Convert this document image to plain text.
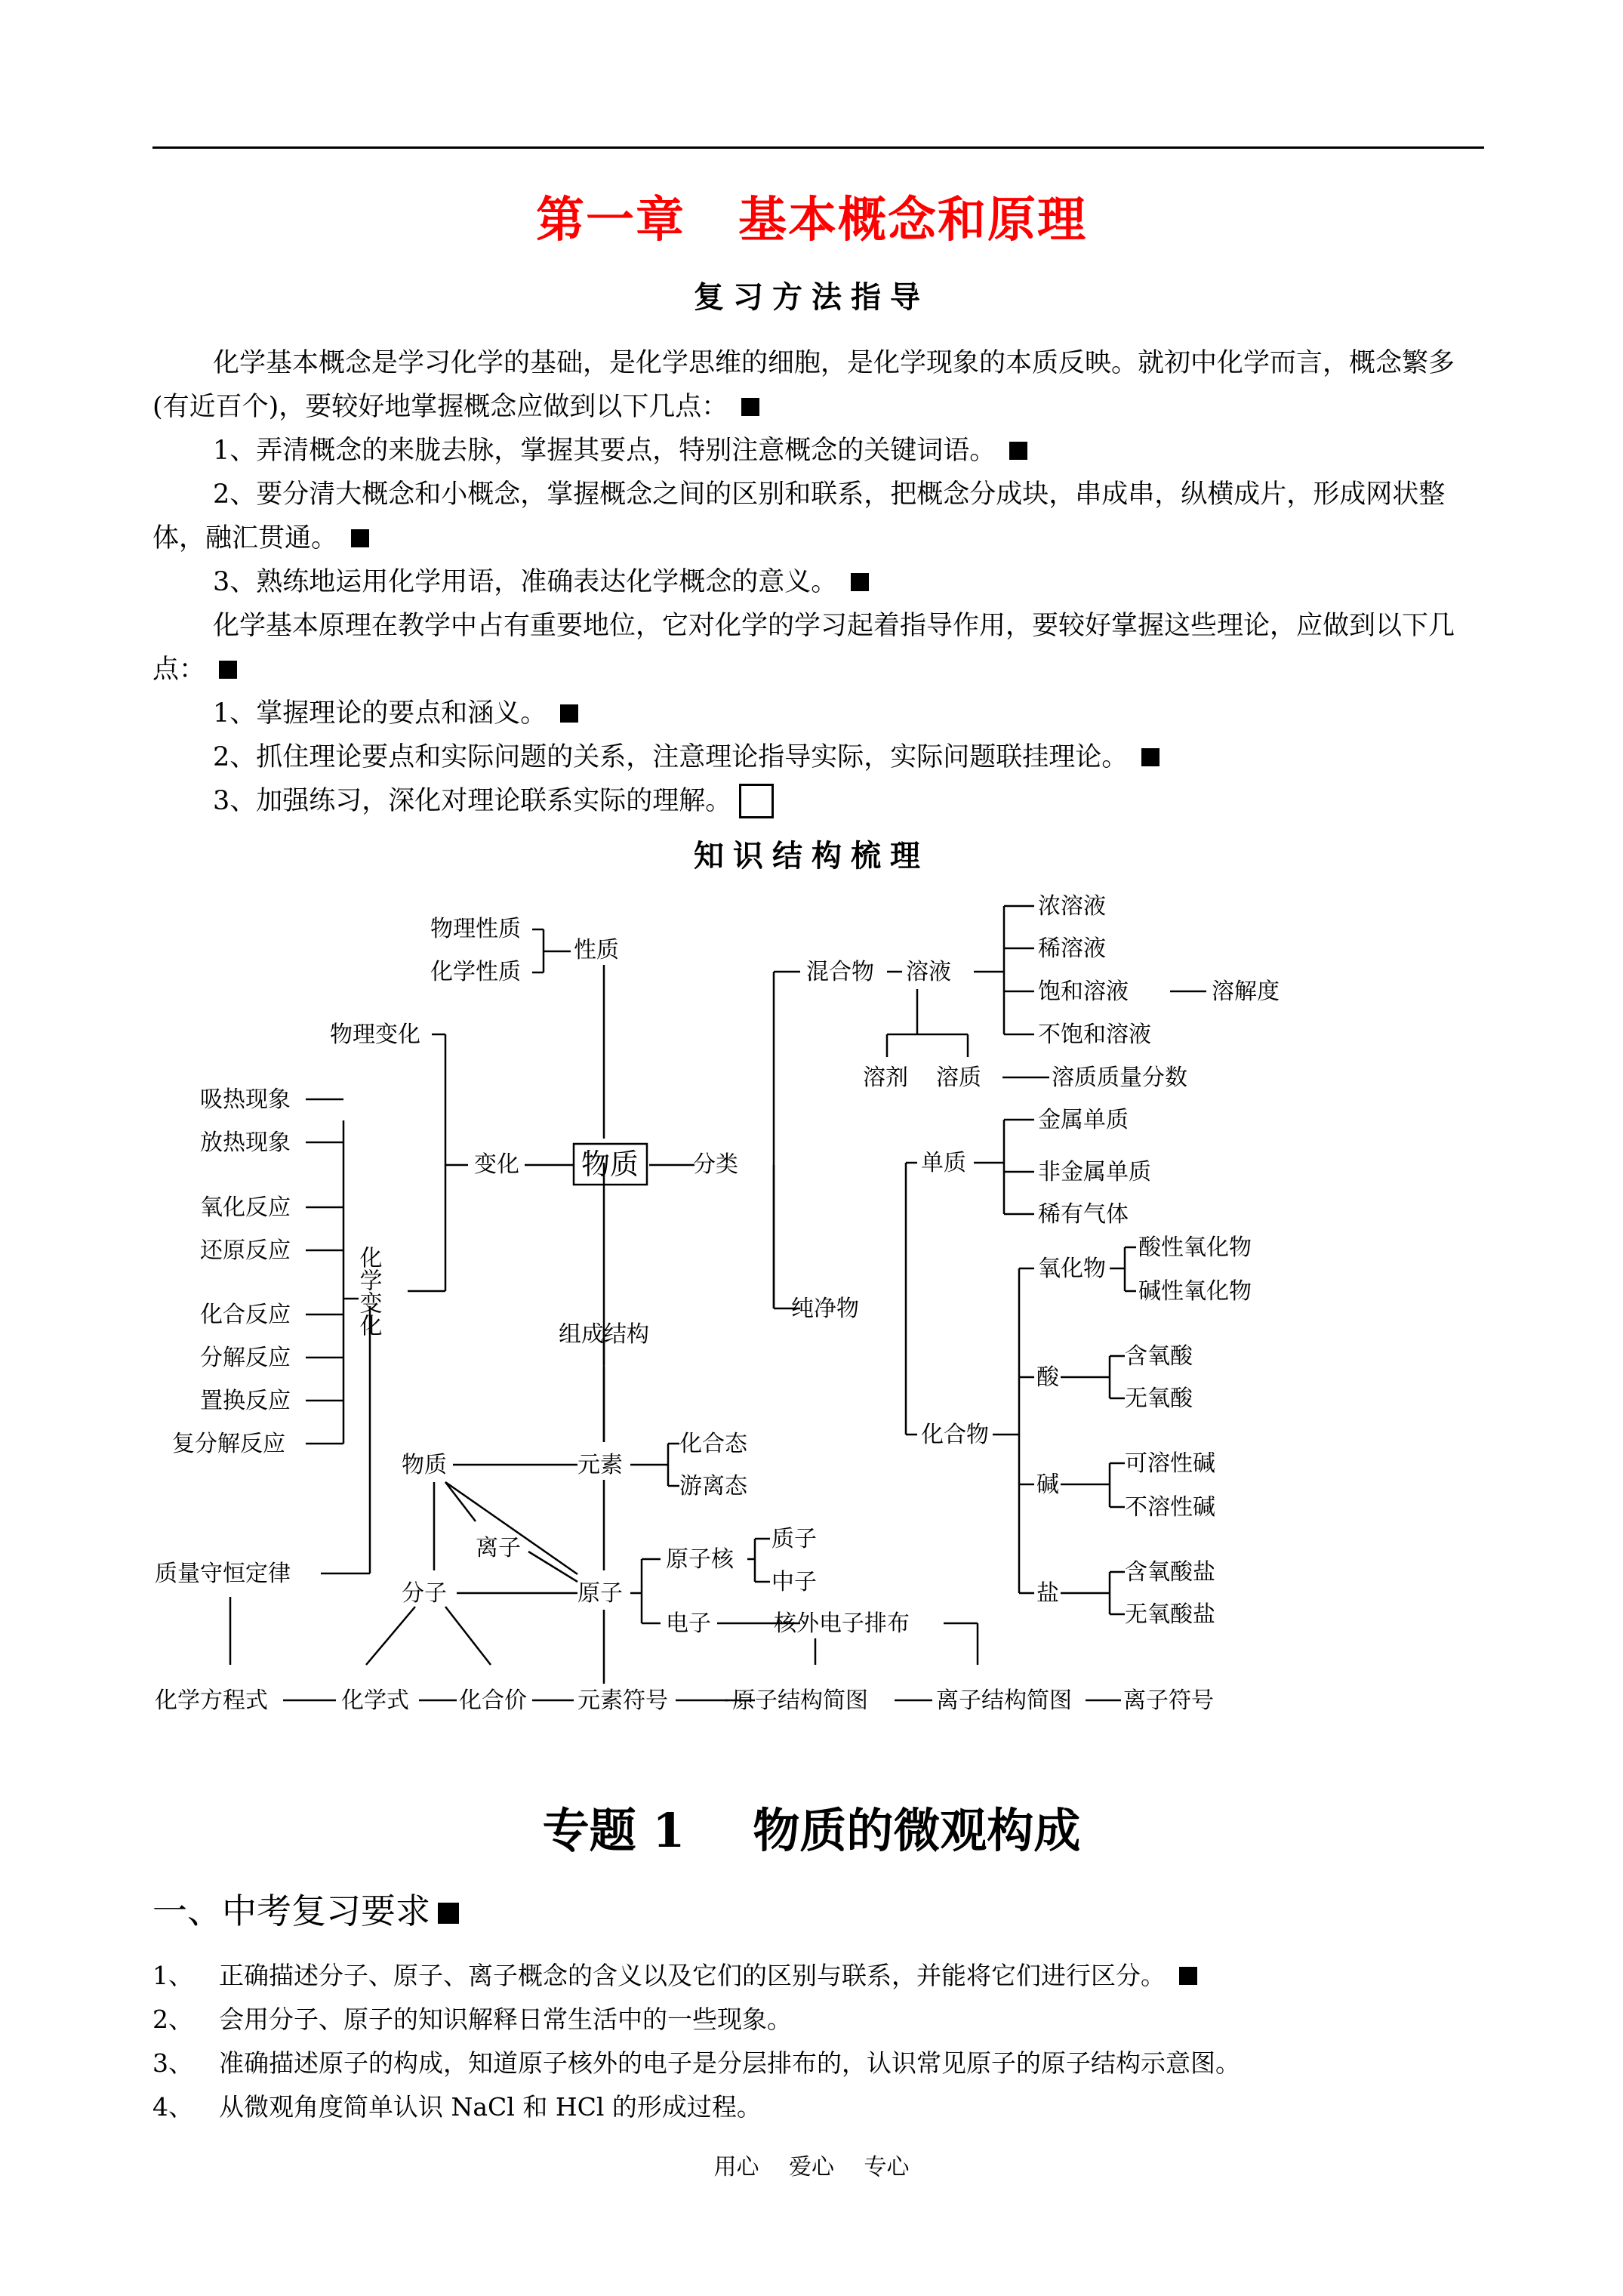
第一章 基本概念和原理
复习方法指导

化学基本概念是学习化学的基础，是化学思维的细胞，是化学现象的本质反映。就初中化学而言，概念繁多(有近百个)，要较好地掌握概念应做到以下几点：

1、弄清概念的来胧去脉，掌握其要点，特别注意概念的关键词语。

2、要分清大概念和小概念，掌握概念之间的区别和联系，把概念分成块，串成串，纵横成片，形成网状整体，融汇贯通。

3、熟练地运用化学用语，准确表达化学概念的意义。

化学基本原理在教学中占有重要地位，它对化学的学习起着指导作用，要较好掌握这些理论，应做到以下几点：

1、掌握理论的要点和涵义。

2、抓住理论要点和实际问题的关系，注意理论指导实际，实际问题联挂理论。

3、加强练习，深化对理论联系实际的理解。

知识结构梳理
物质
物理性质
化学性质
性质
物理变化
吸热现象
放热现象
氧化反应
还原反应	化学变化
化合反应
分解反应
置换反应
复分解反应
变化	分类
组成结构
混合物 溶液
浓溶液
稀溶液
饱和溶液	溶解度
不饱和溶液
溶剂 溶质	溶质质量分数
单质
金属单质
非金属单质
稀有气体
纯净物
氧化物
酸性氧化物
碱性氧化物
化合物
酸
含氧酸
无氧酸
碱
可溶性碱
不溶性碱
盐
含氧酸盐
无氧酸盐
物质	元素
化合态
游离态
离子
分子	原子
原子核
质子
中子
电子	核外电子排布
质量守恒定律
化学方程式	化学式 化合价 元素符号	原子结构简图	离子结构简图 离子符号
专题 1 物质的微观构成
一、中考复习要求
1、 正确描述分子、原子、离子概念的含义以及它们的区别与联系，并能将它们进行区分。
2、 会用分子、原子的知识解释日常生活中的一些现象。
3、 准确描述原子的构成，知道原子核外的电子是分层排布的，认识常见原子的原子结构示意图。
4、 从微观角度简单认识 NaCl 和 HCl 的形成过程。
用心 爱心 专心
